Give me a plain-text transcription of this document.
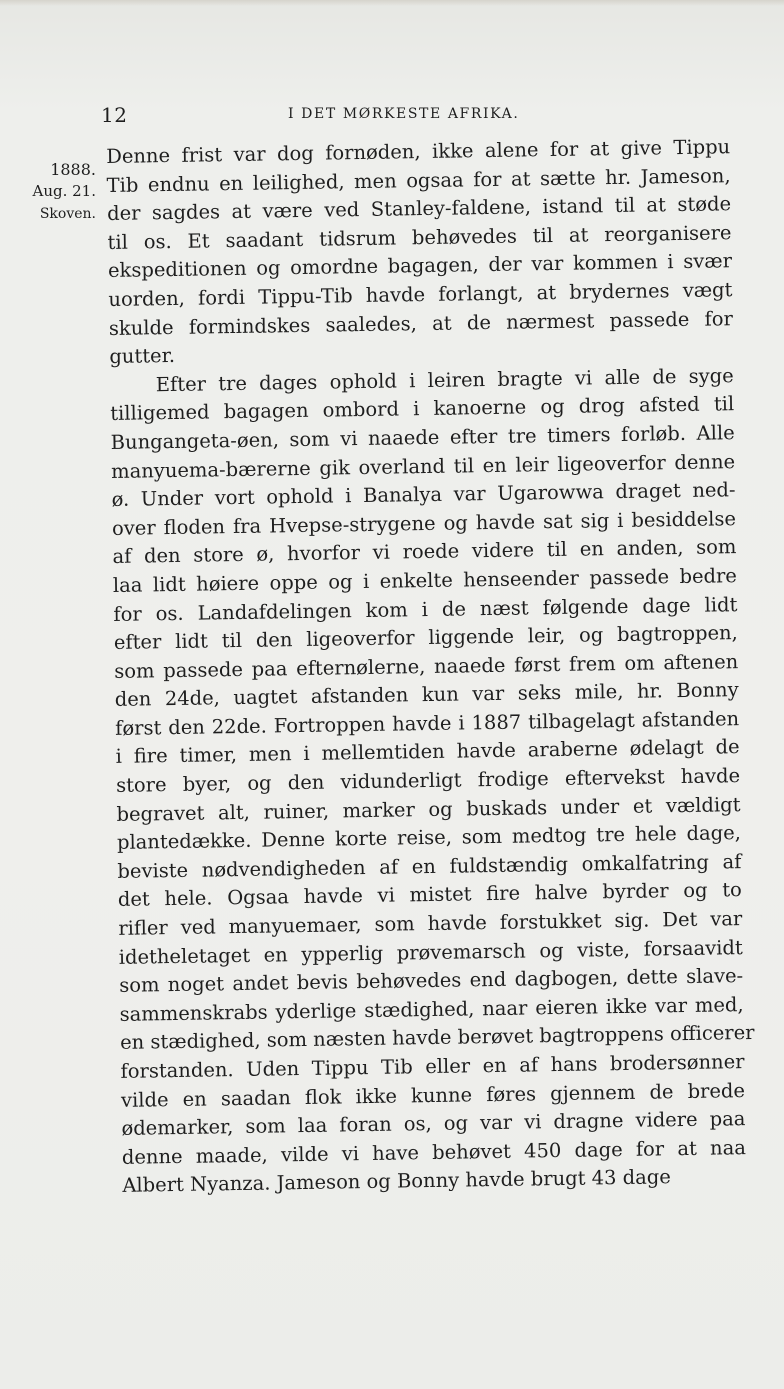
12	I DET MØRKESTE AFRIKA.
1888.
Aug. 21.
Skoven.
Denne frist var dog fornøden, ikke alene for at give Tippu
Tib endnu en leilighed, men ogsaa for at sætte hr. Jameson,
der sagdes at være ved Stanley-faldene, istand til at støde
til os. Et saadant tidsrum behøvedes til at reorganisere
ekspeditionen og omordne bagagen, der var kommen i svær
uorden, fordi Tippu-Tib havde forlangt, at brydernes vægt
skulde formindskes saaledes, at de nærmest passede for
gutter.
Efter tre dages ophold i leiren bragte vi alle de syge
tilligemed bagagen ombord i kanoerne og drog afsted til
Bungangeta-øen, som vi naaede efter tre timers forløb. Alle
manyuema-bærerne gik overland til en leir ligeoverfor denne
ø. Under vort ophold i Banalya var Ugarowwa draget ned-
over floden fra Hvepse-strygene og havde sat sig i besiddelse
af den store ø, hvorfor vi roede videre til en anden, som
laa lidt høiere oppe og i enkelte henseender passede bedre
for os. Landafdelingen kom i de næst følgende dage lidt
efter lidt til den ligeoverfor liggende leir, og bagtroppen,
som passede paa efternølerne, naaede først frem om aftenen
den 24de, uagtet afstanden kun var seks mile, hr. Bonny
først den 22de. Fortroppen havde i 1887 tilbagelagt afstanden
i fire timer, men i mellemtiden havde araberne ødelagt de
store byer, og den vidunderligt frodige eftervekst havde
begravet alt, ruiner, marker og buskads under et vældigt
plantedække. Denne korte reise, som medtog tre hele dage,
beviste nødvendigheden af en fuldstændig omkalfatring af
det hele. Ogsaa havde vi mistet fire halve byrder og to
rifler ved manyuemaer, som havde forstukket sig. Det var
idetheletaget en ypperlig prøvemarsch og viste, forsaavidt
som noget andet bevis behøvedes end dagbogen, dette slave-
sammenskrabs yderlige stædighed, naar eieren ikke var med,
en stædighed, som næsten havde berøvet bagtroppens officerer
forstanden. Uden Tippu Tib eller en af hans brodersønner
vilde en saadan flok ikke kunne føres gjennem de brede
ødemarker, som laa foran os, og var vi dragne videre paa
denne maade, vilde vi have behøvet 450 dage for at naa
Albert Nyanza. Jameson og Bonny havde brugt 43 dage
